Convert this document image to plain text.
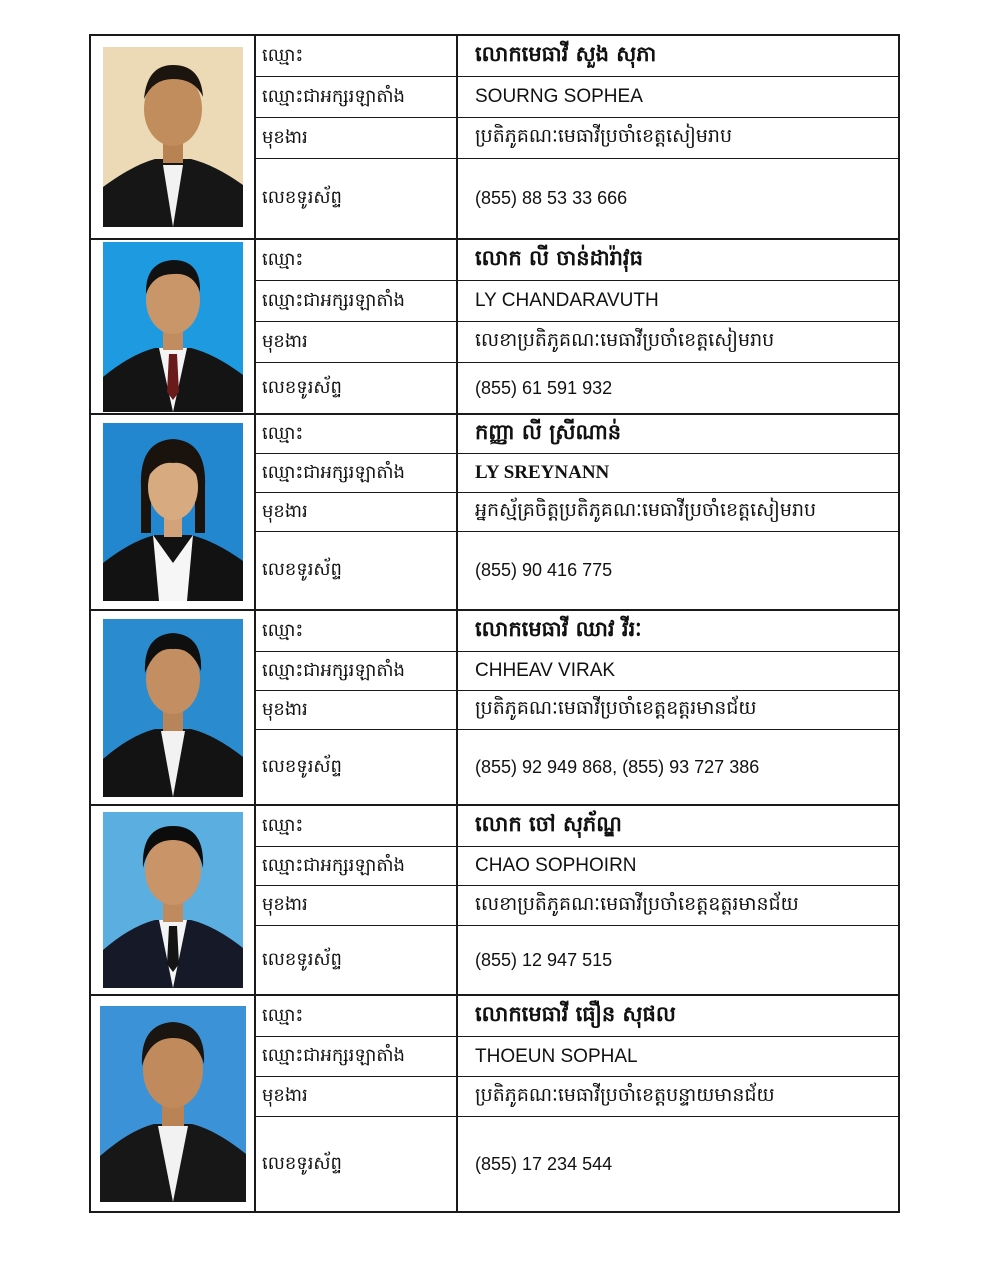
ឈ្មោះ	លោកមេធាវី សួង សុភា
ឈ្មោះជាអក្សរឡាតាំង	SOURNG SOPHEA
មុខងារ	ប្រតិភូគណៈមេធាវីប្រចាំខេត្តសៀមរាប
លេខទូរស័ព្ទ	(855) 88 53 33 666
ឈ្មោះ	លោក លី ចាន់ដារ៉ាវុធ
ឈ្មោះជាអក្សរឡាតាំង	LY CHANDARAVUTH
មុខងារ	លេខាប្រតិភូគណៈមេធាវីប្រចាំខេត្តសៀមរាប
លេខទូរស័ព្ទ	(855) 61 591 932
ឈ្មោះ	កញ្ញា លី ស្រីណាន់
ឈ្មោះជាអក្សរឡាតាំង	LY SREYNANN
មុខងារ	អ្នកស្ម័គ្រចិត្តប្រតិភូគណៈមេធាវីប្រចាំខេត្តសៀមរាប
លេខទូរស័ព្ទ	(855) 90 416 775
ឈ្មោះ	លោកមេធាវី ឈាវ វីរៈ
ឈ្មោះជាអក្សរឡាតាំង	CHHEAV VIRAK
មុខងារ	ប្រតិភូគណៈមេធាវីប្រចាំខេត្តឧត្តរមានជ័យ
លេខទូរស័ព្ទ	(855) 92 949 868, (855) 93 727 386
ឈ្មោះ	លោក ចៅ សុភ័ណ្ឌ
ឈ្មោះជាអក្សរឡាតាំង	CHAO SOPHOIRN
មុខងារ	លេខាប្រតិភូគណៈមេធាវីប្រចាំខេត្តឧត្តរមានជ័យ
លេខទូរស័ព្ទ	(855) 12 947 515
ឈ្មោះ	លោកមេធាវី ធឿន សុផល
ឈ្មោះជាអក្សរឡាតាំង	THOEUN SOPHAL
មុខងារ	ប្រតិភូគណៈមេធាវីប្រចាំខេត្តបន្ទាយមានជ័យ
លេខទូរស័ព្ទ	(855) 17 234 544
